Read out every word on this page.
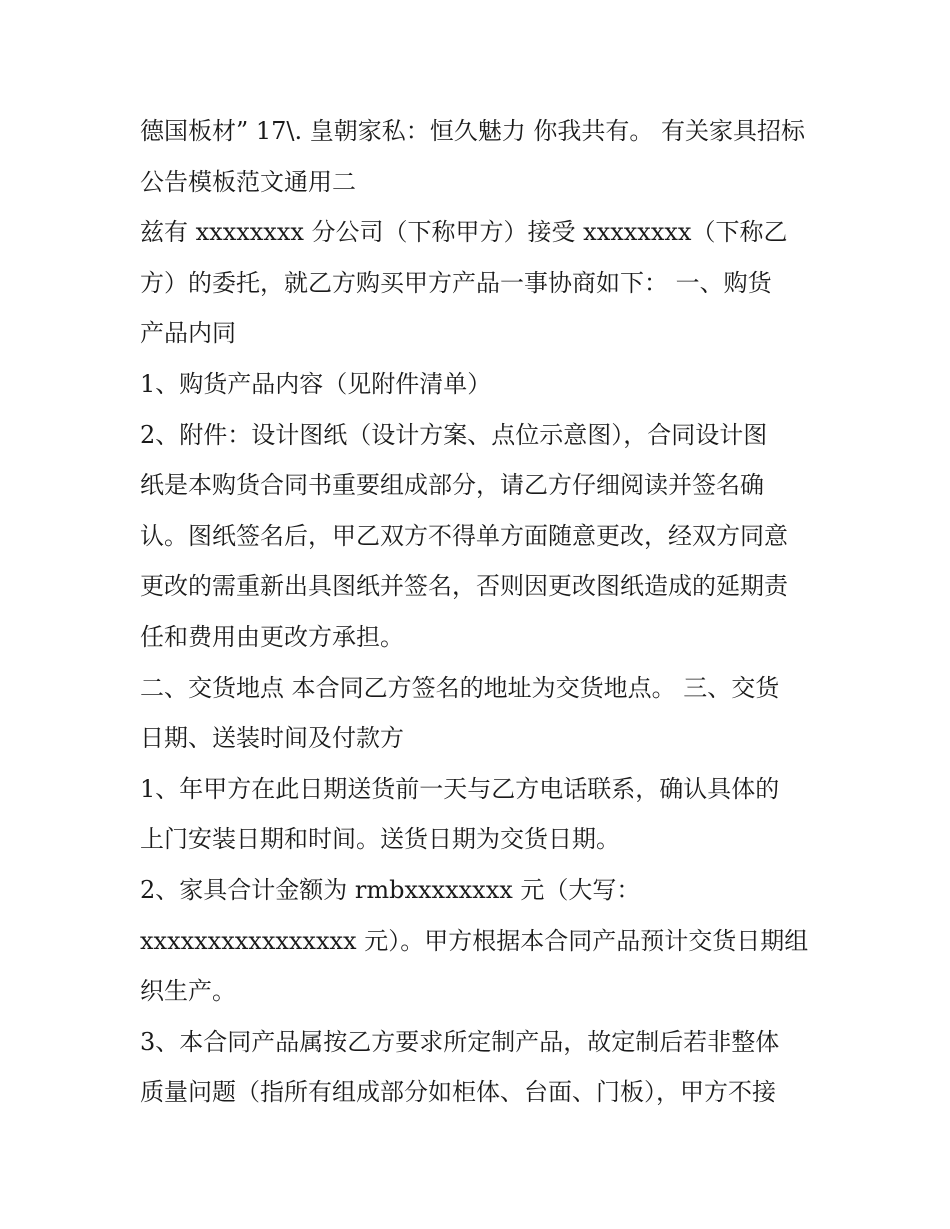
德国板材” 17\. 皇朝家私：恒久魅力 你我共有。 有关家具招标
公告模板范文通用二
兹有 xxxxxxxx 分公司（下称甲方）接受 xxxxxxxx（下称乙
方）的委托，就乙方购买甲方产品一事协商如下： 一、购货
产品内同
1、购货产品内容（见附件清单）
2、附件：设计图纸（设计方案、点位示意图），合同设计图
纸是本购货合同书重要组成部分，请乙方仔细阅读并签名确
认。图纸签名后，甲乙双方不得单方面随意更改，经双方同意
更改的需重新出具图纸并签名，否则因更改图纸造成的延期责
任和费用由更改方承担。
二、交货地点 本合同乙方签名的地址为交货地点。 三、交货
日期、送装时间及付款方
1、年甲方在此日期送货前一天与乙方电话联系，确认具体的
上门安装日期和时间。送货日期为交货日期。
2、家具合计金额为 rmbxxxxxxxx 元（大写：
xxxxxxxxxxxxxxxx 元）。甲方根据本合同产品预计交货日期组
织生产。
3、本合同产品属按乙方要求所定制产品，故定制后若非整体
质量问题（指所有组成部分如柜体、台面、门板），甲方不接
